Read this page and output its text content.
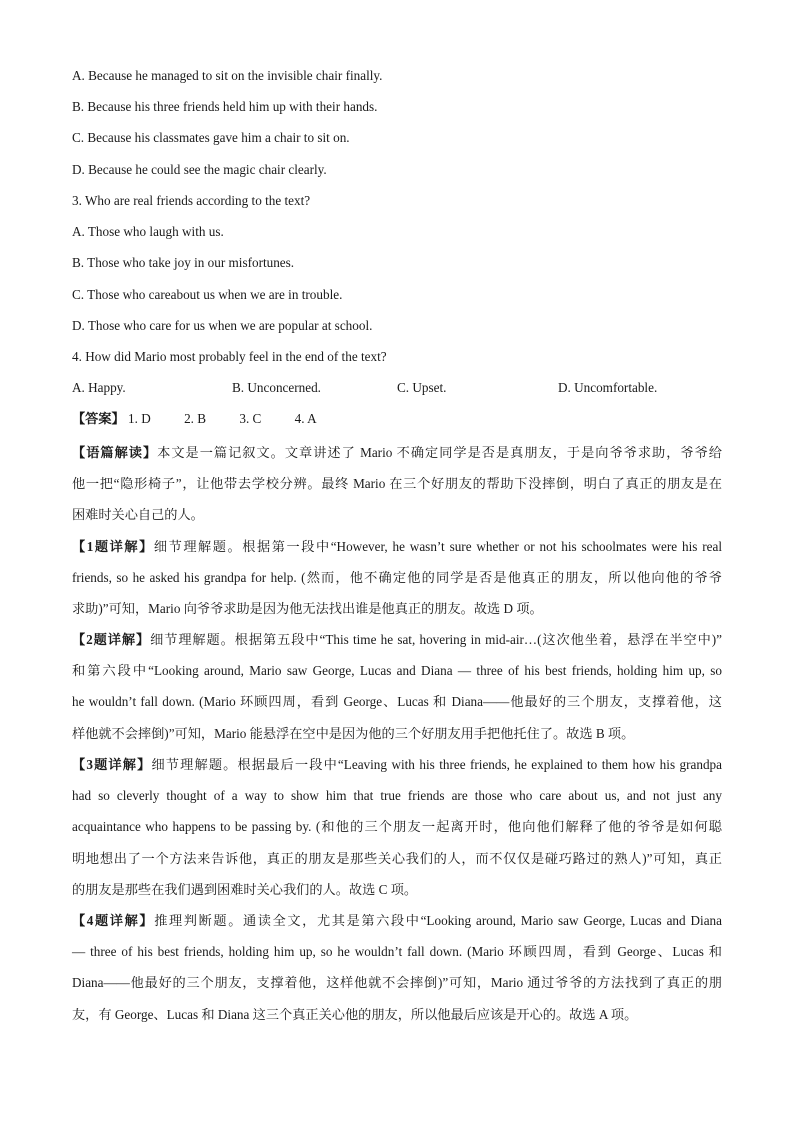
A. Because he managed to sit on the invisible chair finally.
B. Because his three friends held him up with their hands.
C. Because his classmates gave him a chair to sit on.
D. Because he could see the magic chair clearly.
3. Who are real friends according to the text?
A. Those who laugh with us.
B. Those who take joy in our misfortunes.
C. Those who careabout us when we are in trouble.
D. Those who care for us when we are popular at school.
4. How did Mario most probably feel in the end of the text?
A. Happy.	B. Unconcerned.	C. Upset.	D. Uncomfortable.
【答案】 1. D	2. B	3. C	4. A
【语篇解读】本文是一篇记叙文。文章讲述了 Mario 不确定同学是否是真朋友，于是向爷爷求助，爷爷给
他一把“隐形椅子”，让他带去学校分辨。最终 Mario 在三个好朋友的帮助下没摔倒，明白了真正的朋友是在
困难时关心自己的人。
【1题详解】细节理解题。根据第一段中“However, he wasn’t sure whether or not his schoolmates were his real
friends, so he asked his grandpa for help. (然而，他不确定他的同学是否是他真正的朋友，所以他向他的爷爷
求助)”可知，Mario 向爷爷求助是因为他无法找出谁是他真正的朋友。故选 D 项。
【2题详解】细节理解题。根据第五段中“This time he sat, hovering in mid-air…(这次他坐着，悬浮在半空中)”
和第六段中“Looking around, Mario saw George, Lucas and Diana — three of his best friends, holding him up, so
he wouldn’t fall down. (Mario 环顾四周，看到 George、Lucas 和 Diana——他最好的三个朋友，支撑着他，这
样他就不会摔倒)”可知，Mario 能悬浮在空中是因为他的三个好朋友用手把他托住了。故选 B 项。
【3题详解】细节理解题。根据最后一段中“Leaving with his three friends, he explained to them how his grandpa
had so cleverly thought of a way to show him that true friends are those who care about us, and not just any
acquaintance who happens to be passing by. (和他的三个朋友一起离开时，他向他们解释了他的爷爷是如何聪
明地想出了一个方法来告诉他，真正的朋友是那些关心我们的人，而不仅仅是碰巧路过的熟人)”可知，真正
的朋友是那些在我们遇到困难时关心我们的人。故选 C 项。
【4题详解】推理判断题。通读全文，尤其是第六段中“Looking around, Mario saw George, Lucas and Diana
— three of his best friends, holding him up, so he wouldn’t fall down. (Mario 环顾四周，看到 George、Lucas 和
Diana——他最好的三个朋友，支撑着他，这样他就不会摔倒)”可知，Mario 通过爷爷的方法找到了真正的朋
友，有 George、Lucas 和 Diana 这三个真正关心他的朋友，所以他最后应该是开心的。故选 A 项。
